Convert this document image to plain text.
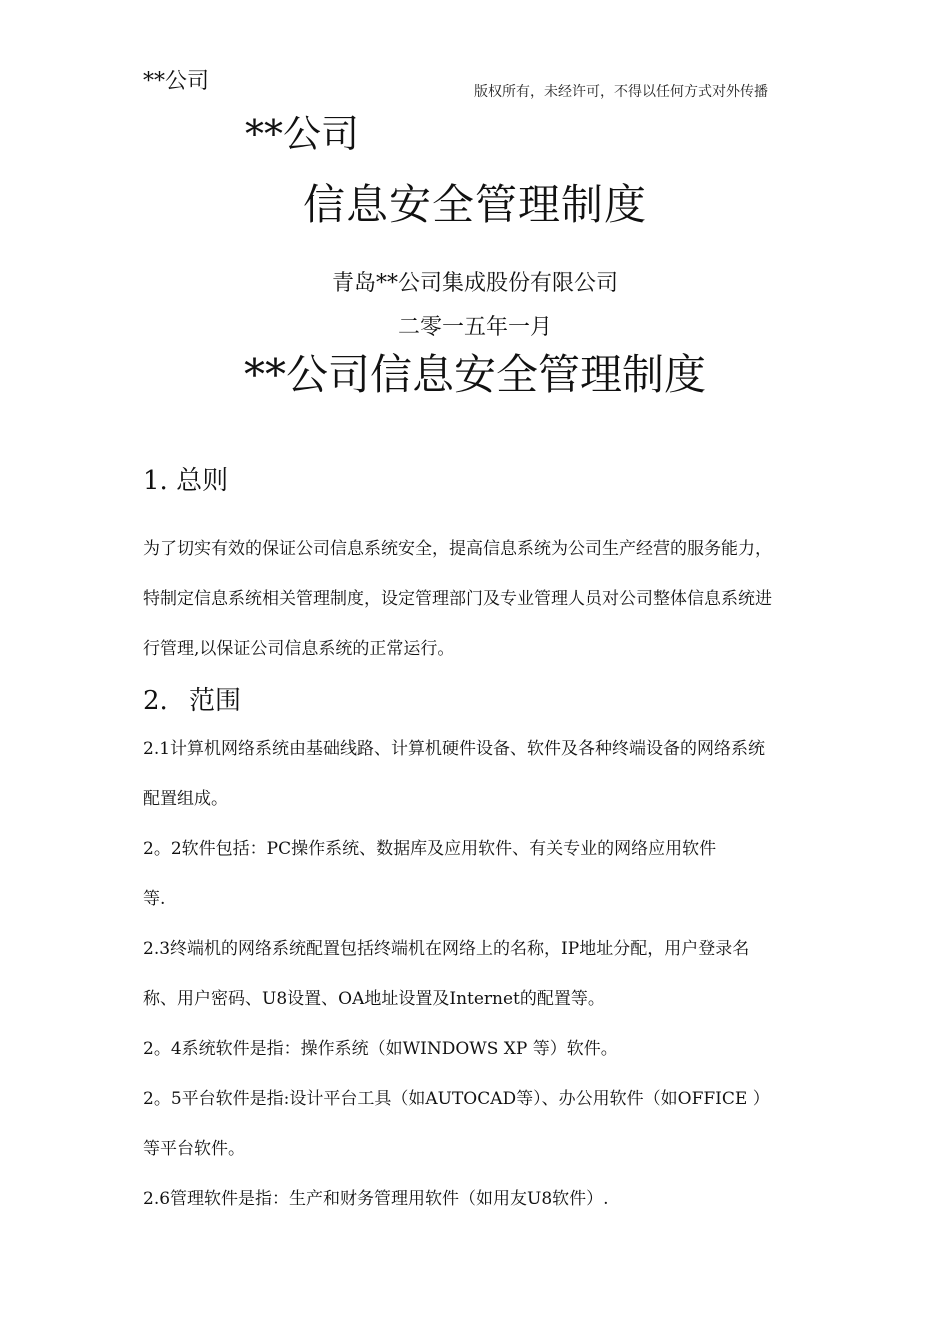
**公司	版权所有，未经许可，不得以任何方式对外传播
**公司
信息安全管理制度
青岛**公司集成股份有限公司
二零一五年一月
**公司信息安全管理制度
1. 总则
为了切实有效的保证公司信息系统安全，提高信息系统为公司生产经营的服务能力，
特制定信息系统相关管理制度，设定管理部门及专业管理人员对公司整体信息系统进
行管理,以保证公司信息系统的正常运行。
2. 范围
2.1计算机网络系统由基础线路、计算机硬件设备、软件及各种终端设备的网络系统
配置组成。
2。2软件包括：PC操作系统、数据库及应用软件、有关专业的网络应用软件
等.
2.3终端机的网络系统配置包括终端机在网络上的名称，IP地址分配，用户登录名
称、用户密码、U8设置、OA地址设置及Internet的配置等。
2。4系统软件是指：操作系统（如WINDOWS XP 等）软件。
2。5平台软件是指:设计平台工具（如AUTOCAD等）、办公用软件（如OFFICE ）
等平台软件。
2.6管理软件是指：生产和财务管理用软件（如用友U8软件）.
